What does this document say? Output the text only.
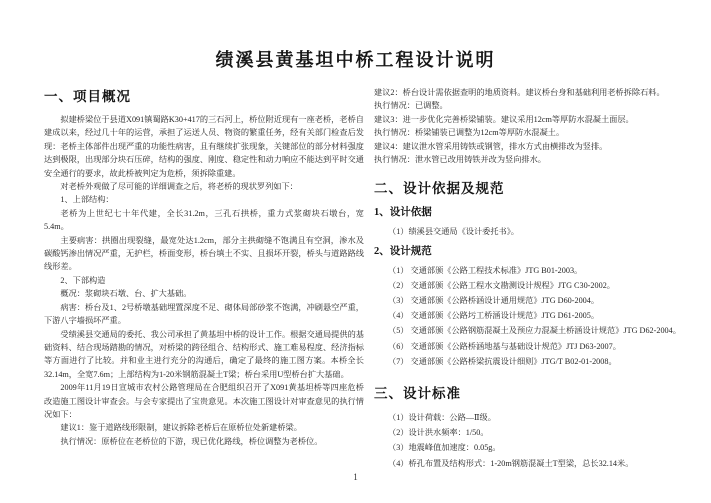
绩溪县黄基坦中桥工程设计说明
一、项目概况

拟建桥梁位于县道X091镇蜀路K30+417的三石河上，桥位附近现有一座老桥，老桥自建成以来，经过几十年的运营，承担了运送人员、物资的繁重任务，经有关部门检查后发现：老桥主体部件出现严重的功能性病害，且有继续扩张现象，关键部位的部分材料强度达到极限，出现部分块石压碎，结构的强度、刚度、稳定性和动力响应不能达到平时交通安全通行的要求，故此桥被判定为危桥，须拆除重建。

对老桥外观做了尽可能的详细调查之后，将老桥的现状罗列如下：

1、上部结构：

老桥为上世纪七十年代建，全长31.2m，三孔石拱桥，重力式浆砌块石墩台，宽5.4m。

主要病害：拱圈出现裂缝，最宽处达1.2cm，部分主拱砌缝不饱满且有空洞，渗水及碳酸钙渗出情况严重，无护栏，桥面变形，桥台填土不实、且损坏开裂，桥头与道路路线线形差。

2、下部构造

概况：浆砌块石墩、台、扩大基础。

病害：桥台及1、2号桥墩基础埋置深度不足、砌体局部砂浆不饱满，冲刷悬空严重，下游八字墙损坏严重。

受绩溪县交通局的委托、我公司承担了黄基坦中桥的设计工作。根据交通局提供的基础资料、结合现场踏勘的情况，对桥梁的跨径组合、结构形式、施工难易程度、经济指标等方面进行了比较。并和业主进行充分的沟通后，确定了最终的施工图方案。本桥全长32.14m，全宽7.6m；上部结构为1-20米钢筋混凝土T梁；桥台采用U型桥台扩大基础。

2009年11月19日宣城市农村公路管理局在合肥组织召开了X091黄基坦桥等四座危桥改造施工图设计审查会。与会专家提出了宝贵意见。本次施工图设计对审查意见的执行情况如下：

建议1：鉴于道路线形限制，建议拆除老桥后在原桥位处新建桥梁。

执行情况：原桥位在老桥位的下游，现已优化路线，桥位调整为老桥位。

建议2：桥台设计需依据查明的地质资料。建议桥台身和基础利用老桥拆除石料。

执行情况：已调整。

建议3：进一步优化完善桥梁铺装。建议采用12cm等厚防水混凝土面层。

执行情况：桥梁铺装已调整为12cm等厚防水混凝土。

建议4：建议泄水管采用铸铁或钢管，排水方式由横排改为竖排。

执行情况：泄水管已改用铸铁并改为竖向排水。

二、设计依据及规范
1、设计依据

（1）绩溪县交通局《设计委托书》。

2、设计规范

（1） 交通部颁《公路工程技术标准》JTG B01-2003。

（2） 交通部颁《公路工程水文勘测设计规程》JTG C30-2002。

（3） 交通部颁《公路桥涵设计通用规范》JTG D60-2004。

（4） 交通部颁《公路圬工桥涵设计规范》JTG D61-2005。

（5） 交通部颁《公路钢筋混凝土及预应力混凝土桥涵设计规范》JTG D62-2004。

（6） 交通部颁《公路桥涵地基与基础设计规范》JTJ D63-2007。

（7） 交通部颁《公路桥梁抗震设计细则》JTG/T B02-01-2008。

三、设计标准

（1）设计荷载：公路—Ⅱ级。

（2）设计洪水频率：1/50。

（3）地震峰值加速度：0.05g。

（4）桥孔布置及结构形式：1-20m钢筋混凝土T型梁，总长32.14米。

1
